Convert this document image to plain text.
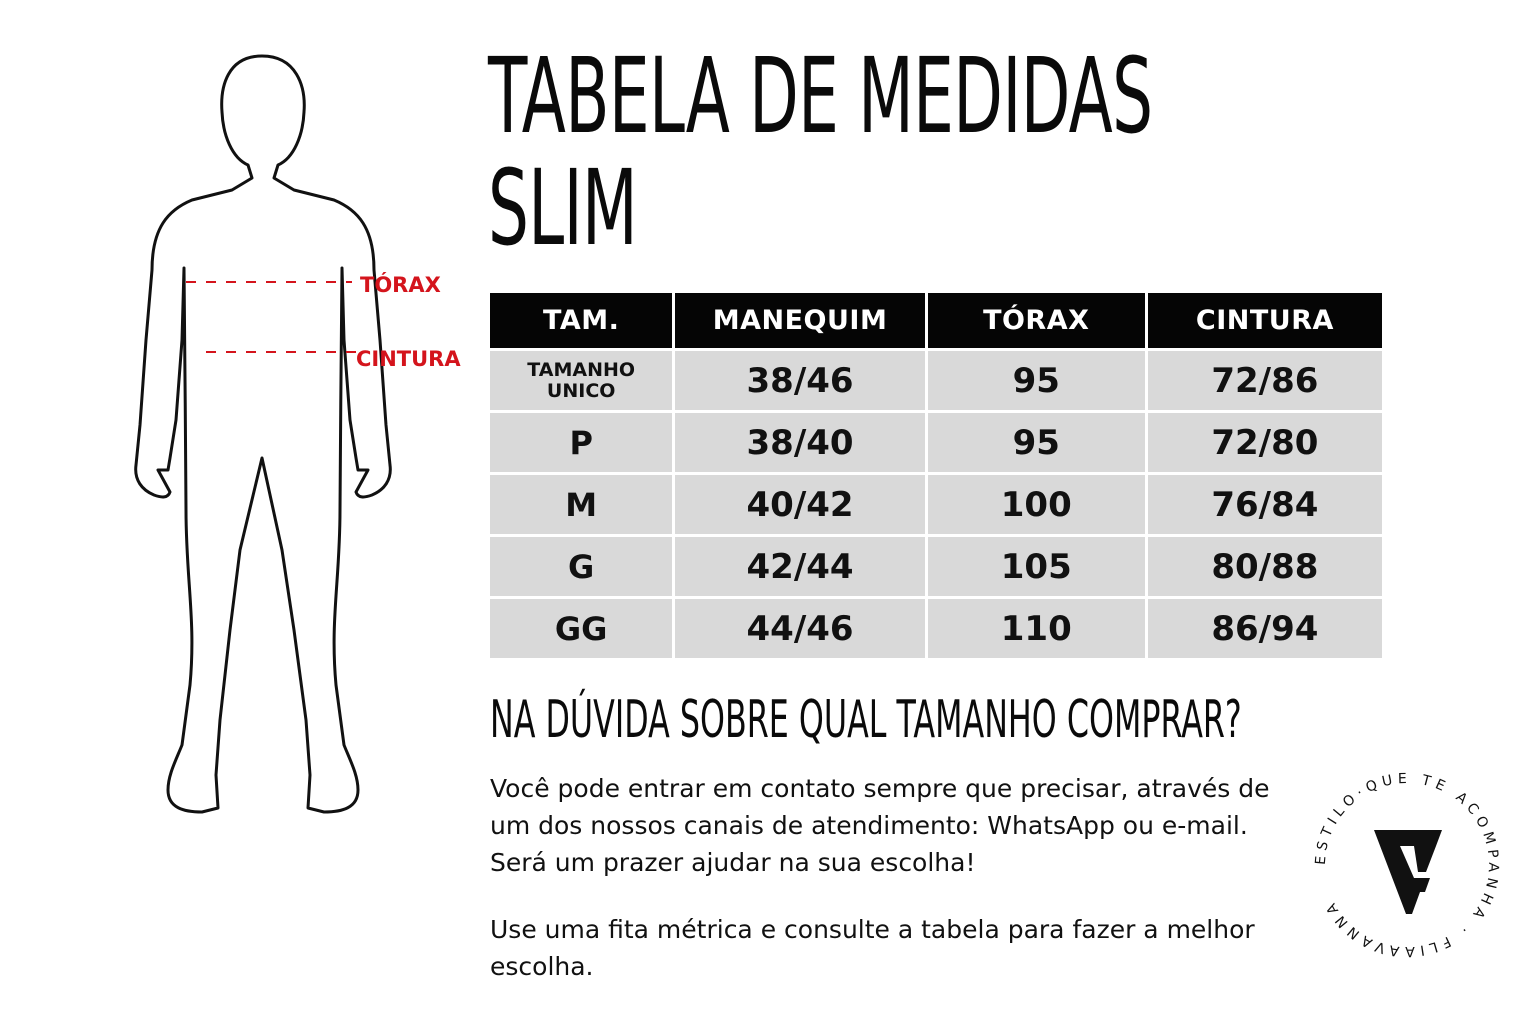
TÓRAX
CINTURA
TABELA DE MEDIDAS
SLIM
TAM.	MANEQUIM	TÓRAX	CINTURA
TAMANHO
UNICO	38/46	95	72/86
P	38/40	95	72/80
M	40/42	100	76/84
G	42/44	105	80/88
GG	44/46	110	86/94
NA DÚVIDA SOBRE QUAL TAMANHO COMPRAR?

Você pode entrar em contato sempre que precisar, através de um dos nossos canais de atendimento: WhatsApp ou e-mail. Será um prazer ajudar na sua escolha!

Use uma fita métrica e consulte a tabela para fazer a melhor escolha.

ESTILO·QUE TE ACOMPANHA · FLIAAVANNA
